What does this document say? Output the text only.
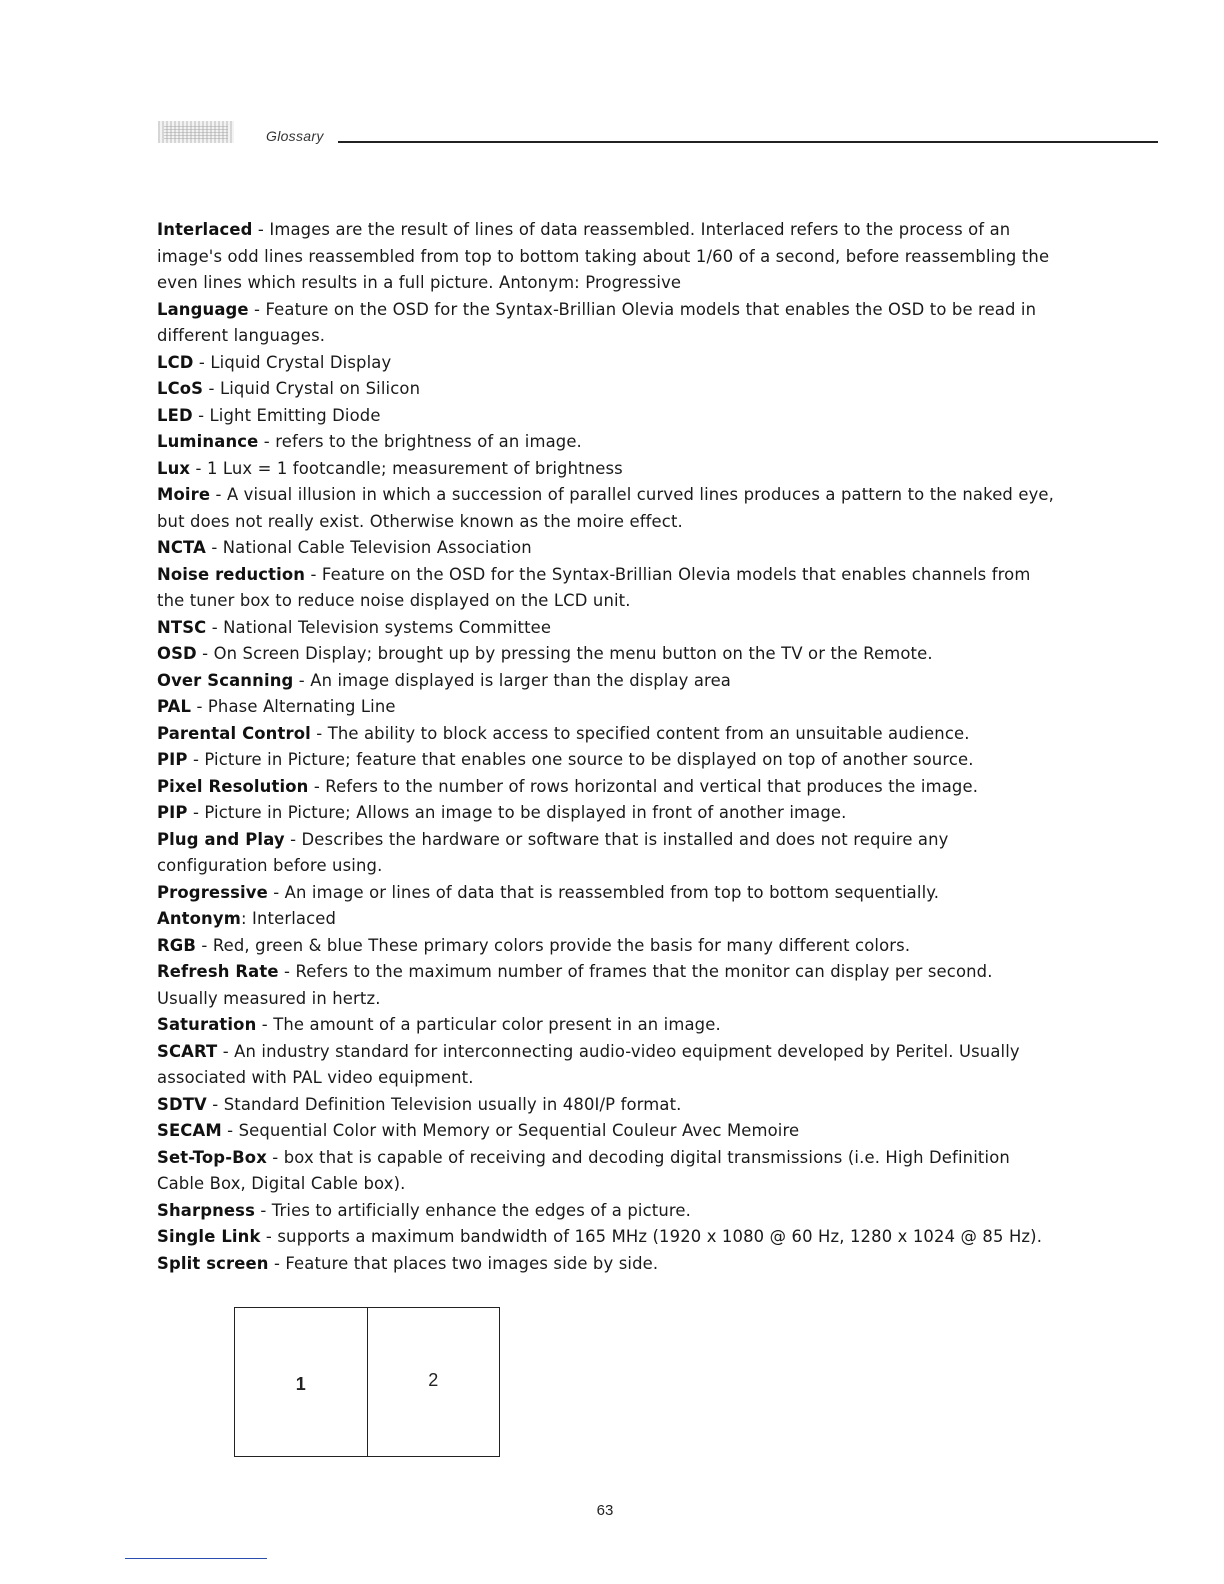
Glossary

Interlaced - Images are the result of lines of data reassembled. Interlaced refers to the process of an image's odd lines reassembled from top to bottom taking about 1/60 of a second, before reassembling the even lines which results in a full picture. Antonym: Progressive

Language - Feature on the OSD for the Syntax-Brillian Olevia models that enables the OSD to be read in different languages.

LCD - Liquid Crystal Display

LCoS - Liquid Crystal on Silicon

LED - Light Emitting Diode

Luminance - refers to the brightness of an image.

Lux - 1 Lux = 1 footcandle; measurement of brightness

Moire - A visual illusion in which a succession of parallel curved lines produces a pattern to the naked eye, but does not really exist. Otherwise known as the moire effect.

NCTA - National Cable Television Association

Noise reduction - Feature on the OSD for the Syntax-Brillian Olevia models that enables channels from the tuner box to reduce noise displayed on the LCD unit.

NTSC - National Television systems Committee

OSD - On Screen Display; brought up by pressing the menu button on the TV or the Remote.

Over Scanning - An image displayed is larger than the display area

PAL - Phase Alternating Line

Parental Control - The ability to block access to specified content from an unsuitable audience.

PIP - Picture in Picture; feature that enables one source to be displayed on top of another source.

Pixel Resolution - Refers to the number of rows horizontal and vertical that produces the image.

PIP - Picture in Picture; Allows an image to be displayed in front of another image.

Plug and Play - Describes the hardware or software that is installed and does not require any configuration before using.

Progressive - An image or lines of data that is reassembled from top to bottom sequentially.

Antonym: Interlaced

RGB - Red, green & blue These primary colors provide the basis for many different colors.

Refresh Rate - Refers to the maximum number of frames that the monitor can display per second. Usually measured in hertz.

Saturation - The amount of a particular color present in an image.

SCART - An industry standard for interconnecting audio-video equipment developed by Peritel. Usually associated with PAL video equipment.

SDTV - Standard Definition Television usually in 480I/P format.

SECAM - Sequential Color with Memory or Sequential Couleur Avec Memoire

Set-Top-Box - box that is capable of receiving and decoding digital transmissions (i.e. High Definition Cable Box, Digital Cable box).

Sharpness - Tries to artificially enhance the edges of a picture.

Single Link - supports a maximum bandwidth of 165 MHz (1920 x 1080 @ 60 Hz, 1280 x 1024 @ 85 Hz).

Split screen - Feature that places two images side by side.

1	2
63
